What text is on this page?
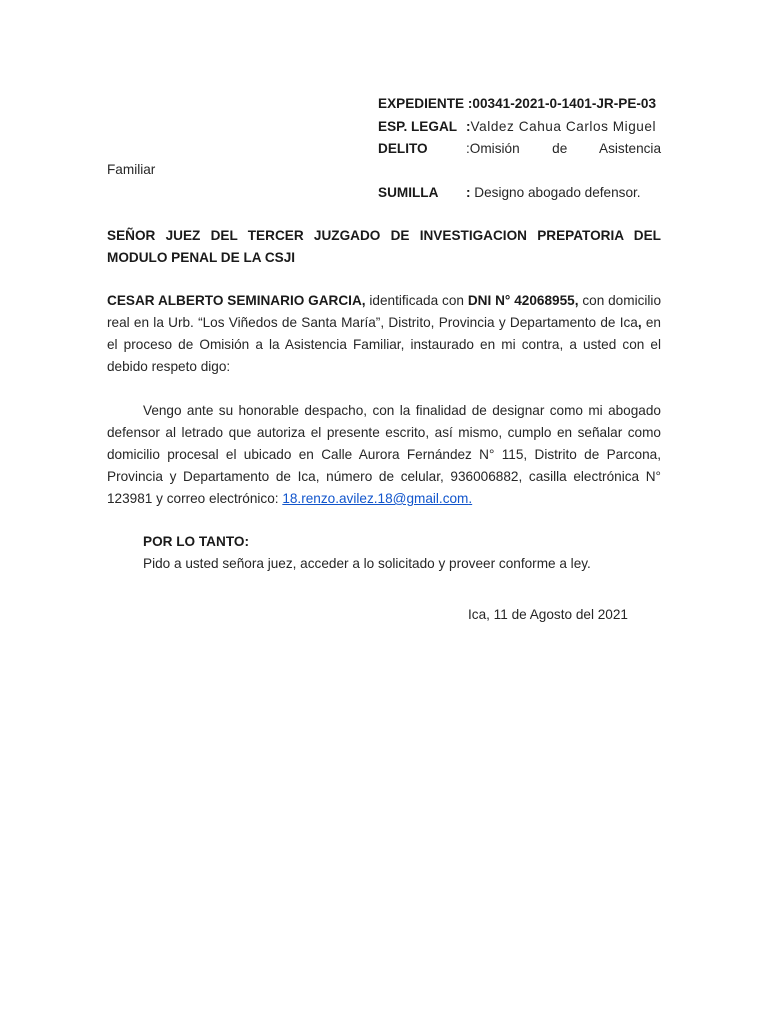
EXPEDIENTE :00341-2021-0-1401-JR-PE-03
ESP. LEGAL :Valdez Cahua Carlos Miguel
DELITO	:Omisión de Asistencia
Familiar
SUMILLA : Designo abogado defensor.
SEÑOR JUEZ DEL TERCER JUZGADO DE INVESTIGACION PREPATORIA DEL MODULO PENAL DE LA CSJI
CESAR ALBERTO SEMINARIO GARCIA, identificada con DNI N° 42068955, con domicilio real en la Urb. “Los Viñedos de Santa María”, Distrito, Provincia y Departamento de Ica, en el proceso de Omisión a la Asistencia Familiar, instaurado en mi contra, a usted con el debido respeto digo:
Vengo ante su honorable despacho, con la finalidad de designar como mi abogado defensor al letrado que autoriza el presente escrito, así mismo, cumplo en señalar como domicilio procesal el ubicado en Calle Aurora Fernández N° 115, Distrito de Parcona, Provincia y Departamento de Ica, número de celular, 936006882, casilla electrónica N° 123981 y correo electrónico: 18.renzo.avilez.18@gmail.com.
POR LO TANTO:
Pido a usted señora juez, acceder a lo solicitado y proveer conforme a ley.
Ica, 11 de Agosto del 2021
